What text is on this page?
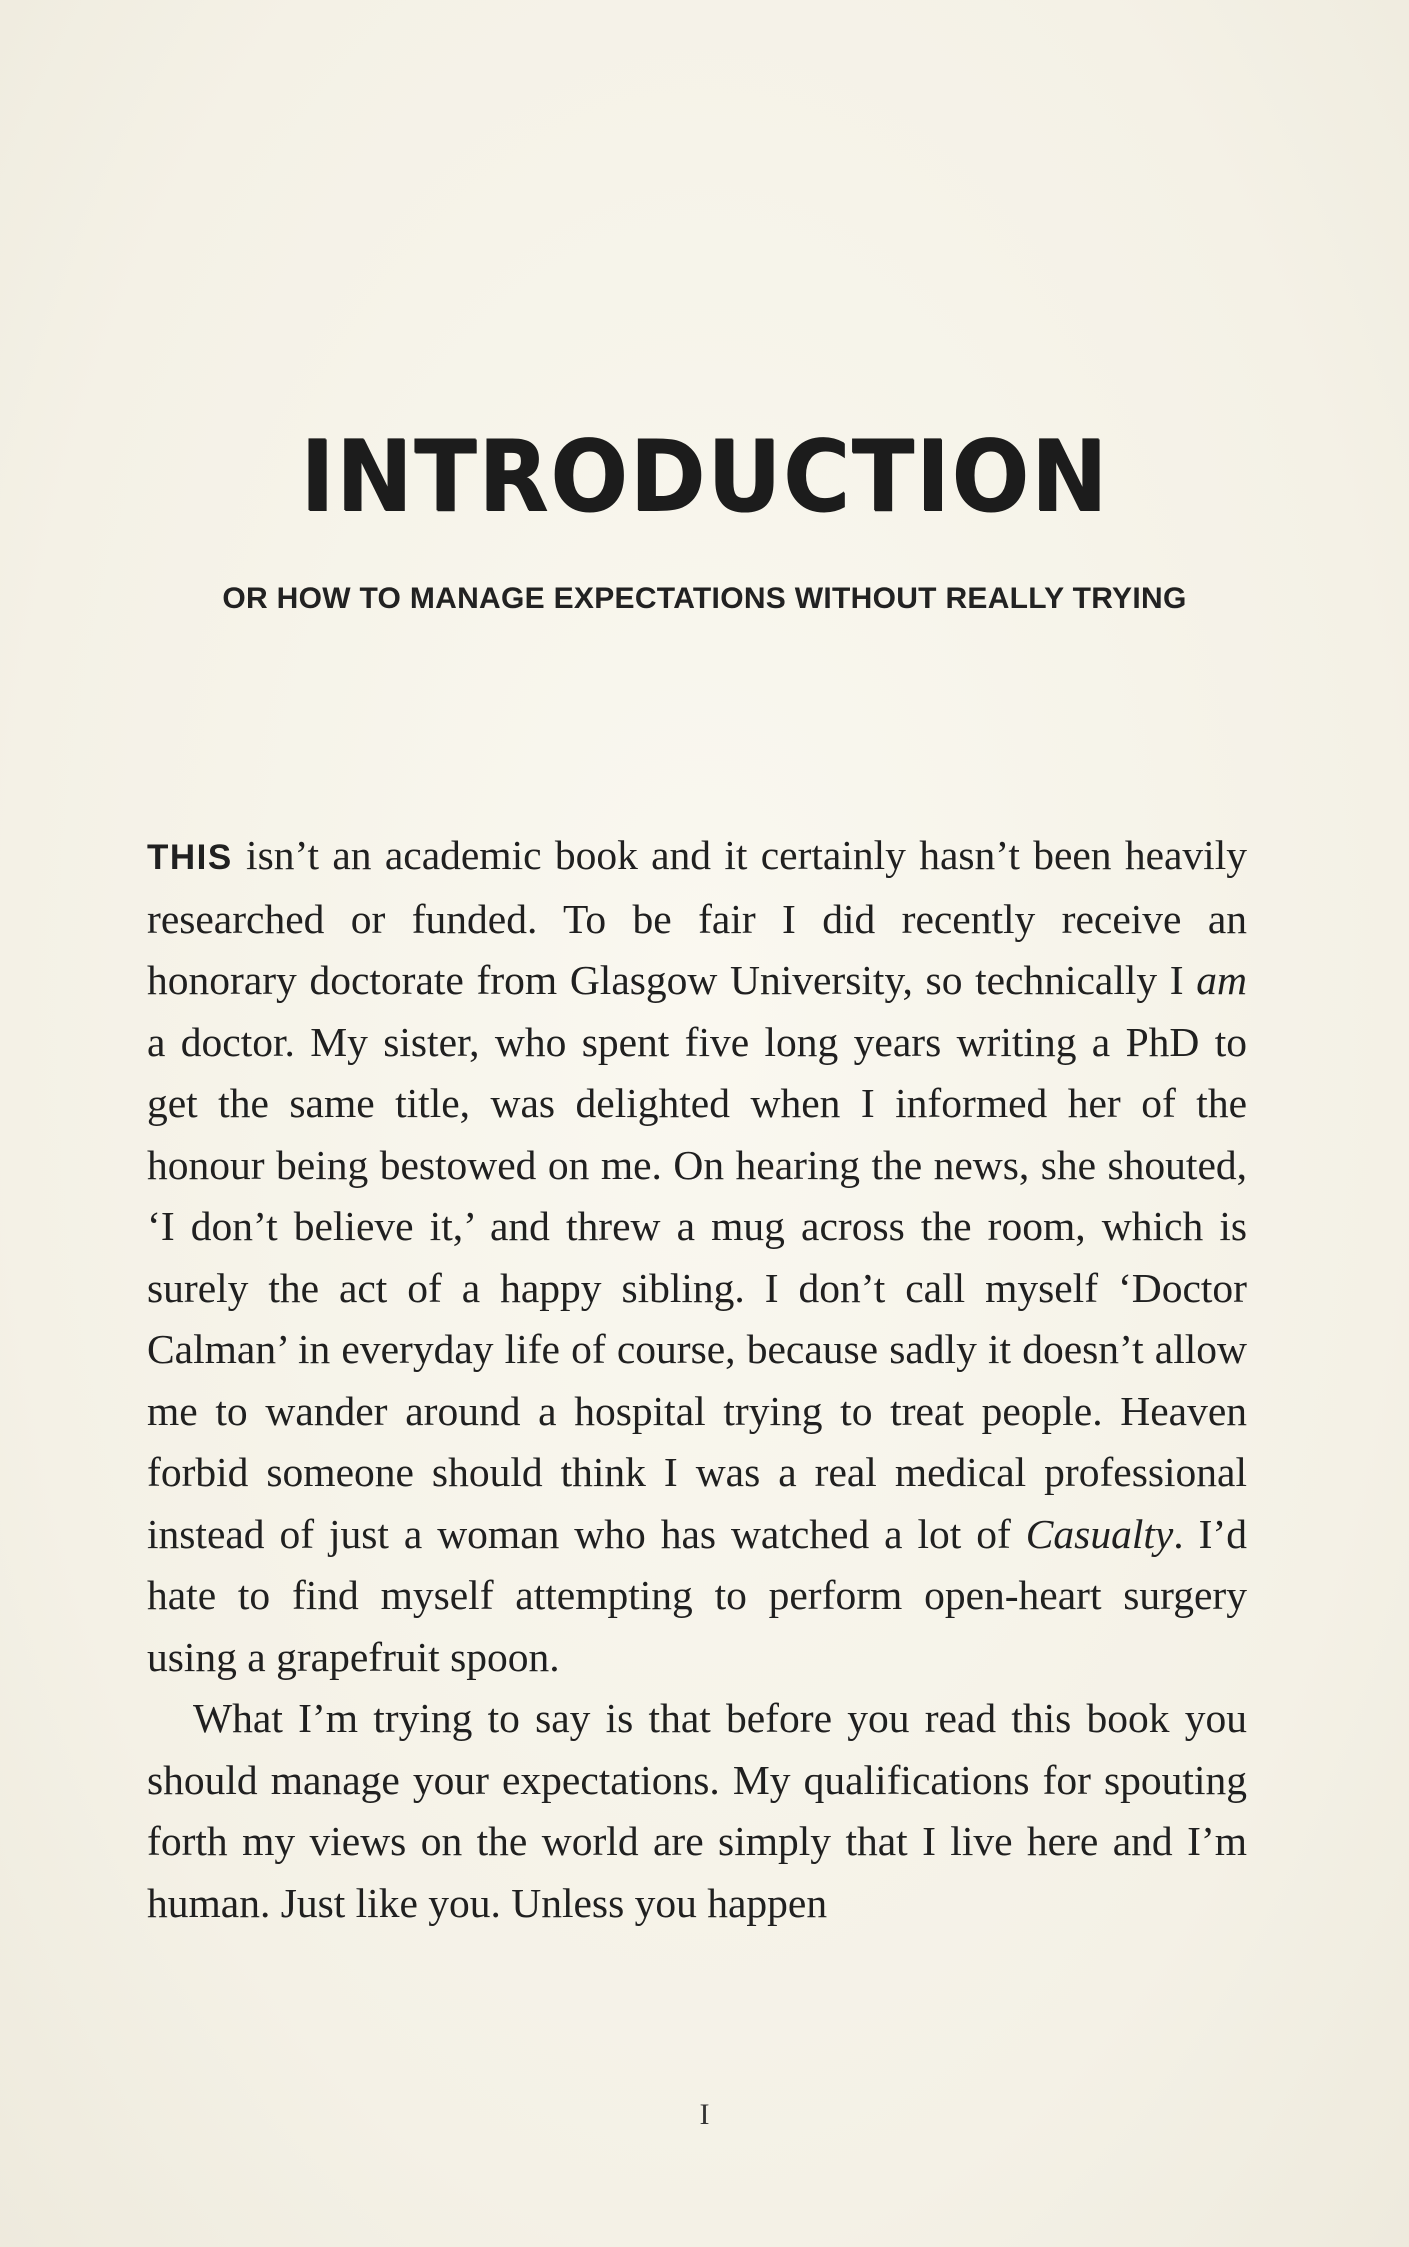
INTRODUCTION
OR HOW TO MANAGE EXPECTATIONS WITHOUT REALLY TRYING

THIS isn’t an academic book and it certainly hasn’t been heavily researched or funded. To be fair I did recently receive an honorary doctorate from Glasgow University, so technically I am a doctor. My sister, who spent five long years writing a PhD to get the same title, was delighted when I informed her of the honour being bestowed on me. On hearing the news, she shouted, ‘I don’t believe it,’ and threw a mug across the room, which is surely the act of a happy sibling. I don’t call myself ‘Doctor Calman’ in everyday life of course, because sadly it doesn’t allow me to wander around a hospital trying to treat people. Heaven forbid someone should think I was a real medical professional instead of just a woman who has watched a lot of Casualty. I’d hate to find myself attempting to perform open-heart surgery using a grapefruit spoon.

What I’m trying to say is that before you read this book you should manage your expectations. My qualifications for spouting forth my views on the world are simply that I live here and I’m human. Just like you. Unless you happen

I
